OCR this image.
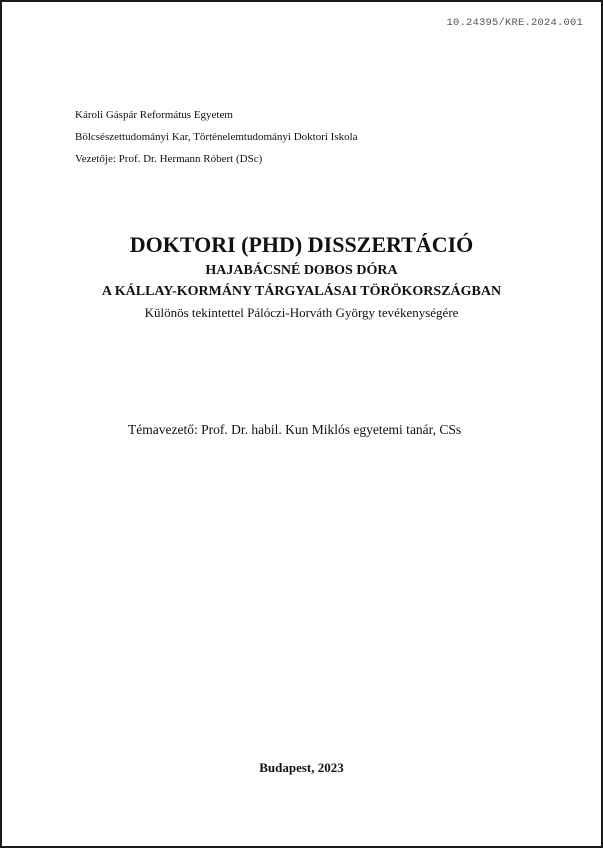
10.24395/KRE.2024.001
Károli Gáspár Református Egyetem
Bölcsészettudományi Kar, Történelemtudományi Doktori Iskola
Vezetője: Prof. Dr. Hermann Róbert (DSc)
DOKTORI (PHD) DISSZERTÁCIÓ
HAJABÁCSNÉ DOBOS DÓRA
A KÁLLAY-KORMÁNY TÁRGYALÁSAI TÖRÖKORSZÁGBAN
Különös tekintettel Pálóczi-Horváth György tevékenységére
Témavezető: Prof. Dr. habil. Kun Miklós egyetemi tanár, CSs
Budapest, 2023
